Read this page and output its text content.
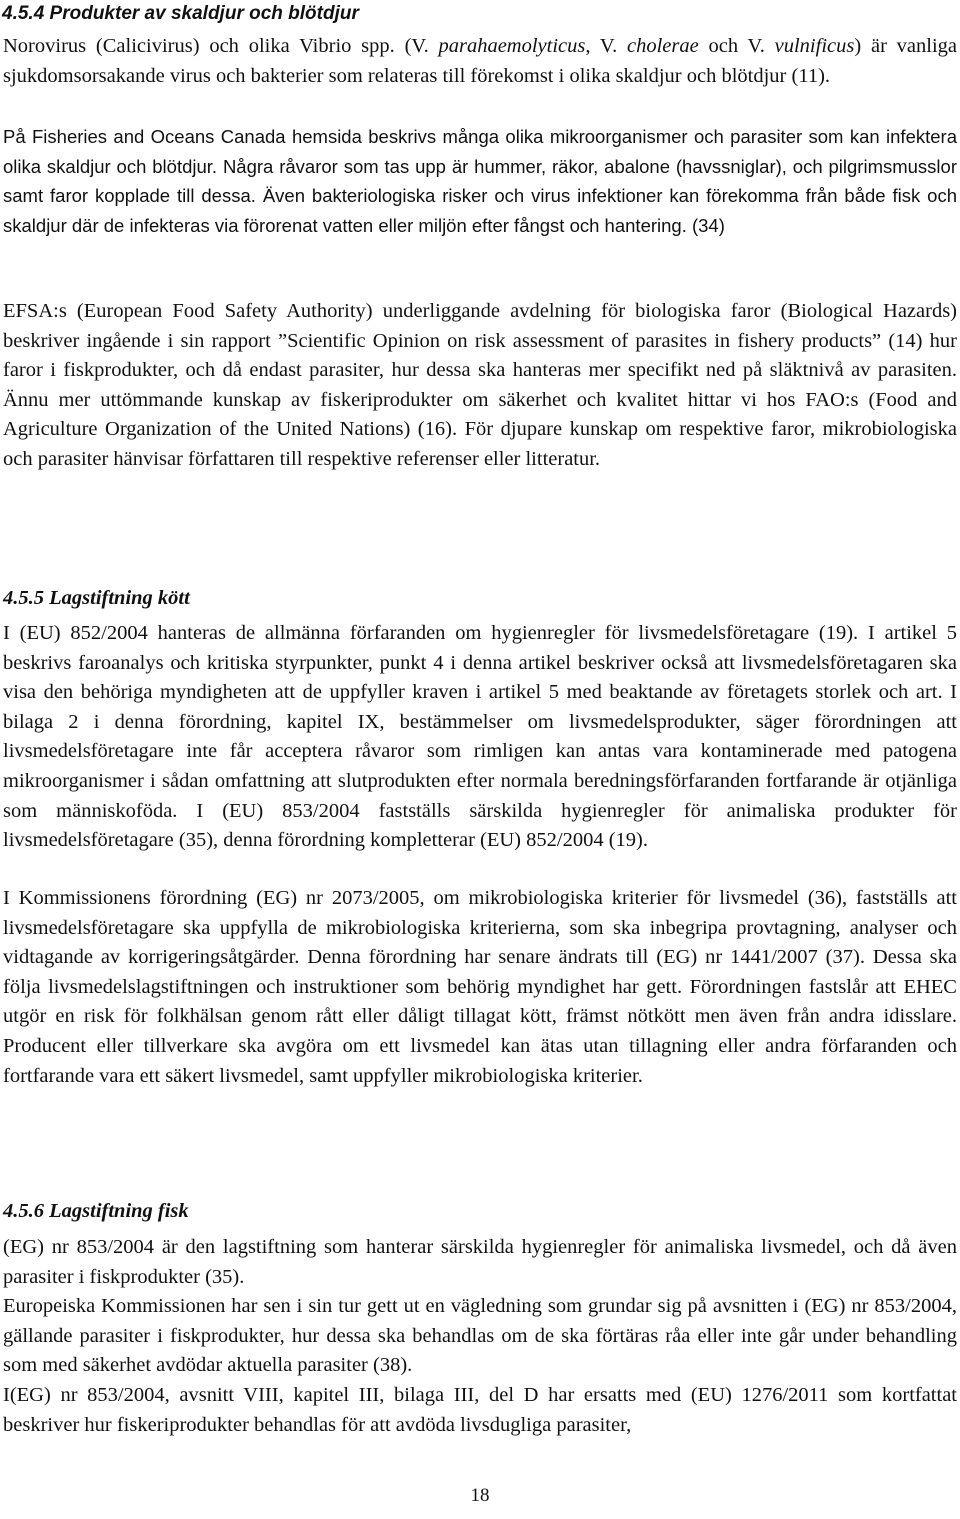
4.5.4 Produkter av skaldjur och blötdjur

Norovirus (Calicivirus) och olika Vibrio spp. (V. parahaemolyticus, V. cholerae och V. vulnificus) är vanliga sjukdomsorsakande virus och bakterier som relateras till förekomst i olika skaldjur och blötdjur (11).

På Fisheries and Oceans Canada hemsida beskrivs många olika mikroorganismer och parasiter som kan infektera olika skaldjur och blötdjur. Några råvaror som tas upp är hummer, räkor, abalone (havssniglar), och pilgrimsmusslor samt faror kopplade till dessa. Även bakteriologiska risker och virus infektioner kan förekomma från både fisk och skaldjur där de infekteras via förorenat vatten eller miljön efter fångst och hantering. (34)

EFSA:s (European Food Safety Authority) underliggande avdelning för biologiska faror (Biological Hazards) beskriver ingående i sin rapport ”Scientific Opinion on risk assessment of parasites in fishery products” (14) hur faror i fiskprodukter, och då endast parasiter, hur dessa ska hanteras mer specifikt ned på släktnivå av parasiten. Ännu mer uttömmande kunskap av fiskeriprodukter om säkerhet och kvalitet hittar vi hos FAO:s (Food and Agriculture Organization of the United Nations) (16). För djupare kunskap om respektive faror, mikrobiologiska och parasiter hänvisar författaren till respektive referenser eller litteratur.

4.5.5 Lagstiftning kött

I (EU) 852/2004 hanteras de allmänna förfaranden om hygienregler för livsmedelsföretagare (19). I artikel 5 beskrivs faroanalys och kritiska styrpunkter, punkt 4 i denna artikel beskriver också att livsmedelsföretagaren ska visa den behöriga myndigheten att de uppfyller kraven i artikel 5 med beaktande av företagets storlek och art. I bilaga 2 i denna förordning, kapitel IX, bestämmelser om livsmedelsprodukter, säger förordningen att livsmedelsföretagare inte får acceptera råvaror som rimligen kan antas vara kontaminerade med patogena mikroorganismer i sådan omfattning att slutprodukten efter normala beredningsförfaranden fortfarande är otjänliga som människoföda. I (EU) 853/2004 fastställs särskilda hygienregler för animaliska produkter för livsmedelsföretagare (35), denna förordning kompletterar (EU) 852/2004 (19).

I Kommissionens förordning (EG) nr 2073/2005, om mikrobiologiska kriterier för livsmedel (36), fastställs att livsmedelsföretagare ska uppfylla de mikrobiologiska kriterierna, som ska inbegripa provtagning, analyser och vidtagande av korrigeringsåtgärder. Denna förordning har senare ändrats till (EG) nr 1441/2007 (37). Dessa ska följa livsmedelslagstiftningen och instruktioner som behörig myndighet har gett. Förordningen fastslår att EHEC utgör en risk för folkhälsan genom rått eller dåligt tillagat kött, främst nötkött men även från andra idisslare. Producent eller tillverkare ska avgöra om ett livsmedel kan ätas utan tillagning eller andra förfaranden och fortfarande vara ett säkert livsmedel, samt uppfyller mikrobiologiska kriterier.

4.5.6 Lagstiftning fisk

(EG) nr 853/2004 är den lagstiftning som hanterar särskilda hygienregler för animaliska livsmedel, och då även parasiter i fiskprodukter (35).

Europeiska Kommissionen har sen i sin tur gett ut en vägledning som grundar sig på avsnitten i (EG) nr 853/2004, gällande parasiter i fiskprodukter, hur dessa ska behandlas om de ska förtäras råa eller inte går under behandling som med säkerhet avdödar aktuella parasiter (38).

I(EG) nr 853/2004, avsnitt VIII, kapitel III, bilaga III, del D har ersatts med (EU) 1276/2011 som kortfattat beskriver hur fiskeriprodukter behandlas för att avdöda livsdugliga parasiter,

18
